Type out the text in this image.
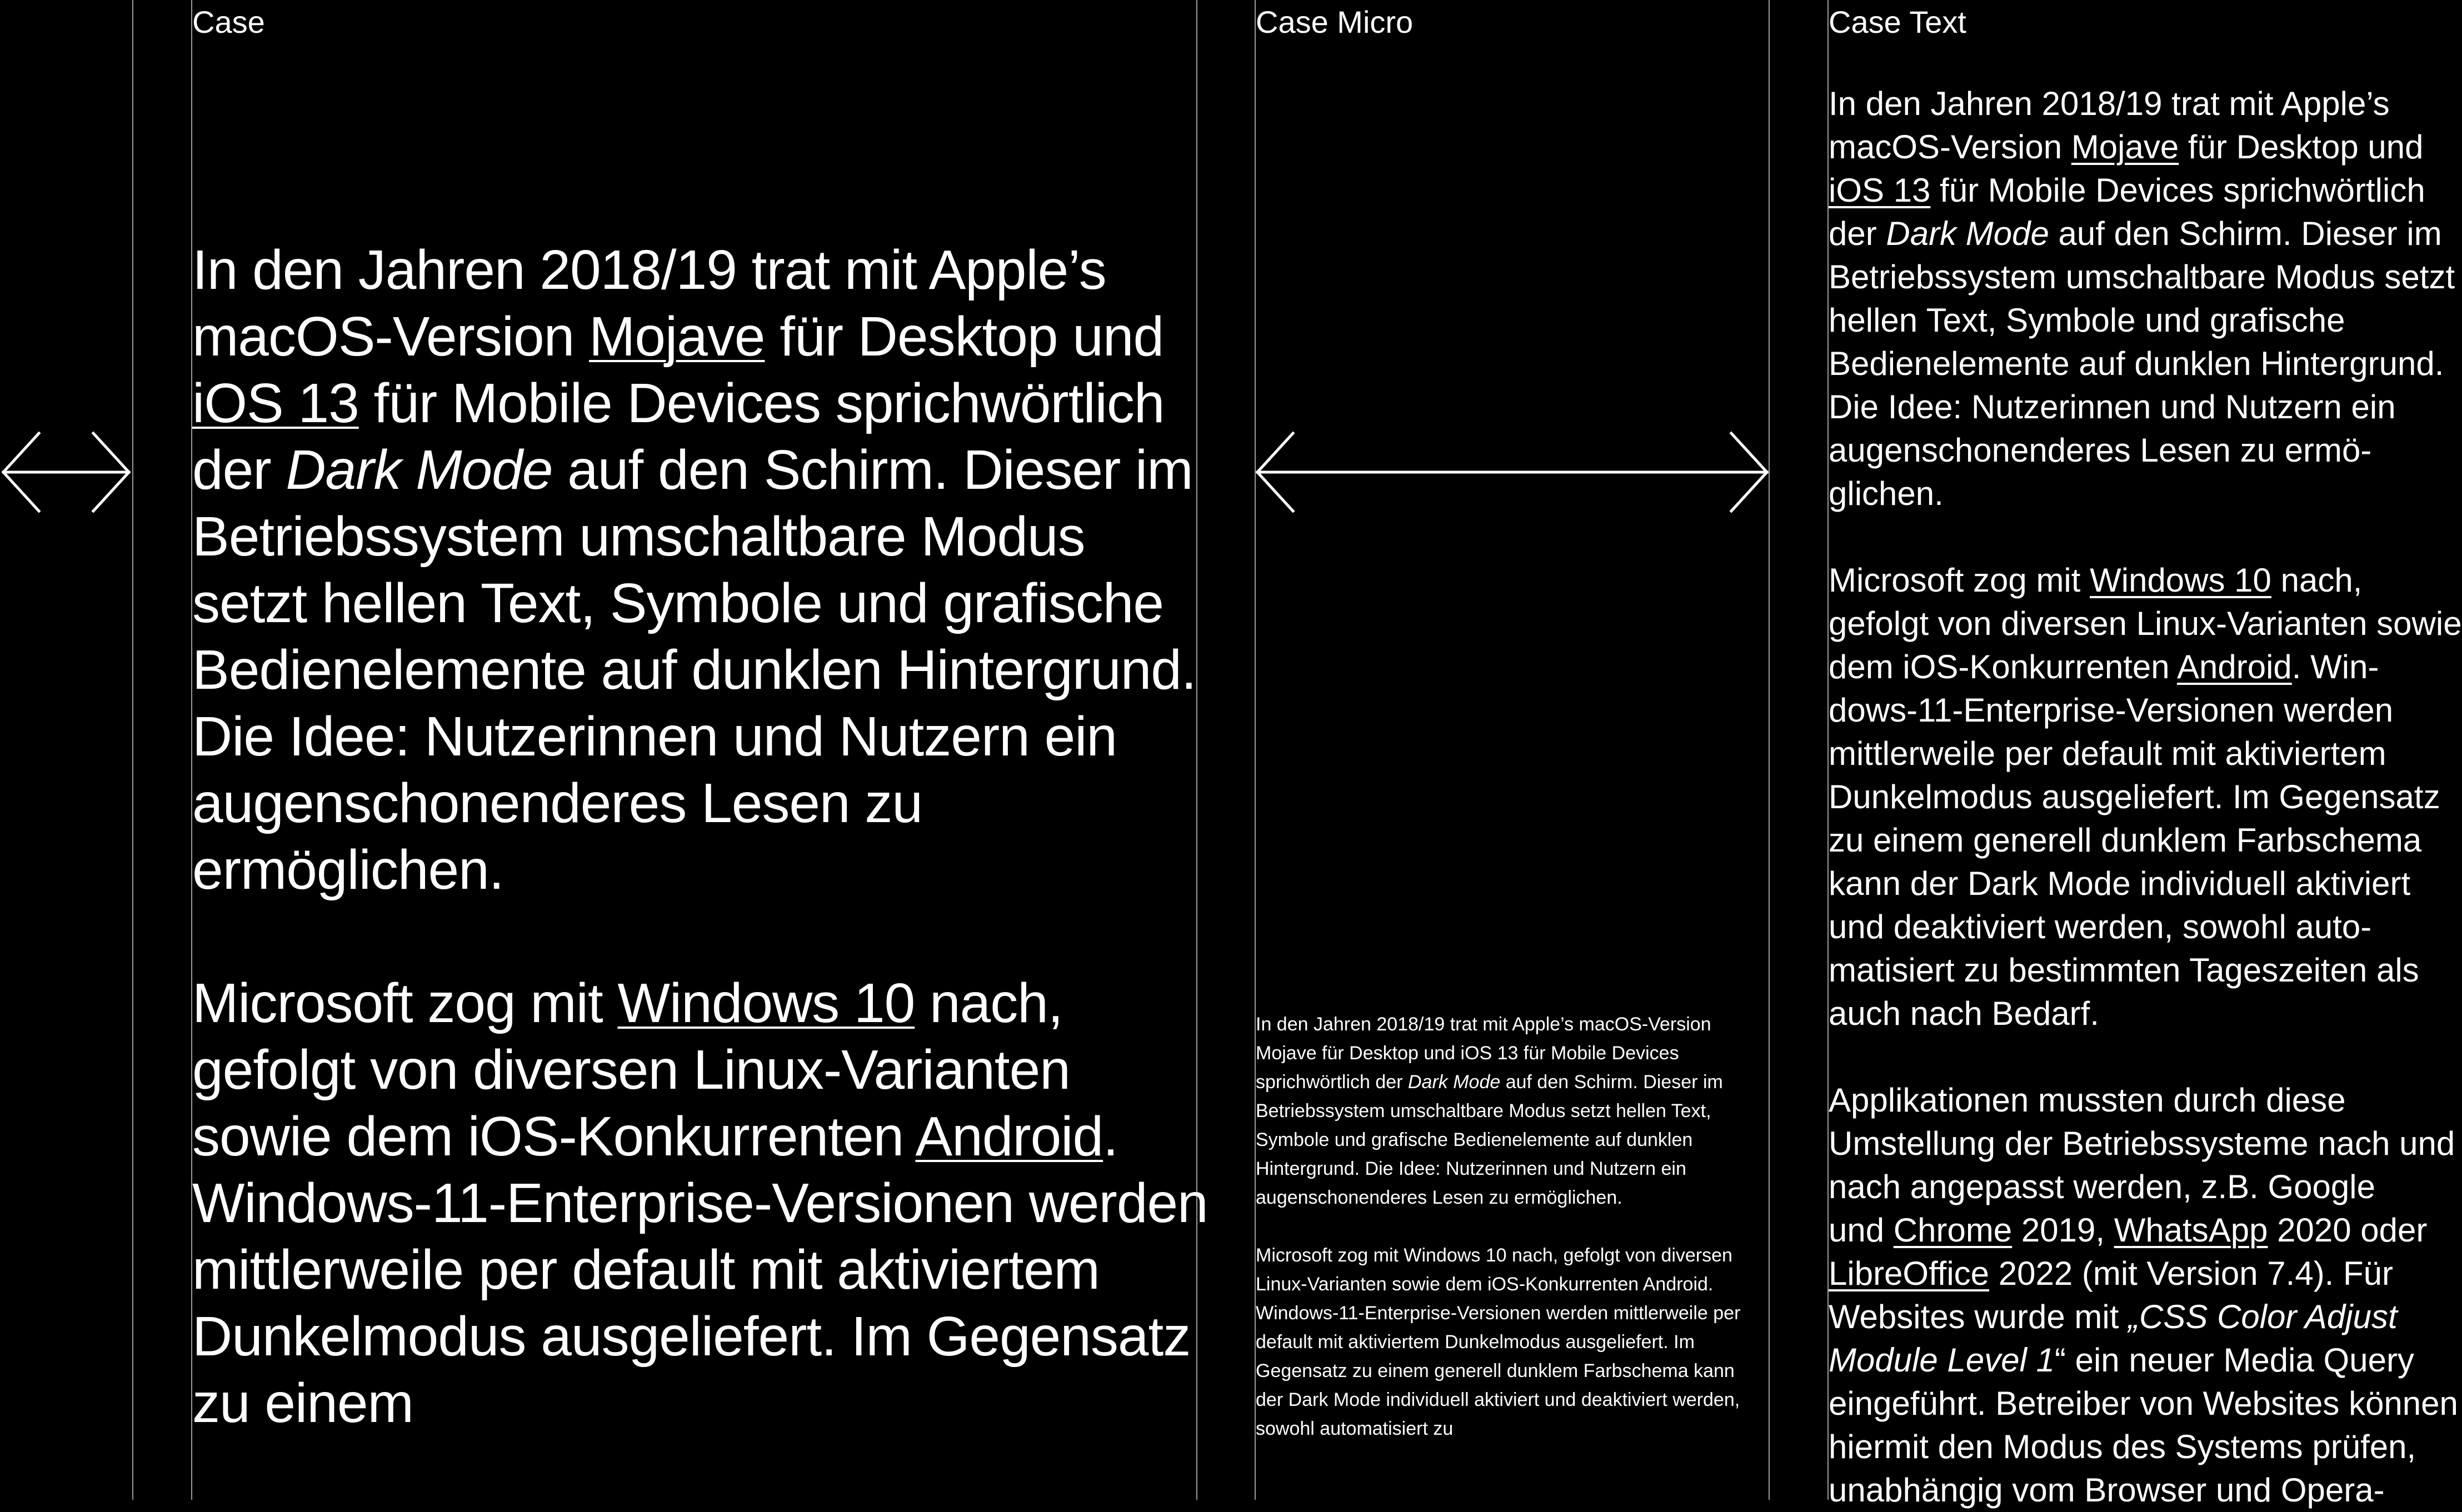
Case

In den Jahren 2018/19 trat mit Apple’s macOS-Version Mojave für Desktop und iOS 13 für Mobile Devices sprichwörtlich der Dark Mode auf den Schirm. Dieser im Betriebssystem umschaltbare Modus setzt hellen Text, Symbole und grafische Bedienelemente auf dunklen Hintergrund. Die Idee: Nutzerinnen und Nutzern ein augenschonenderes Lesen zu ermöglichen.

Microsoft zog mit Windows 10 nach, gefolgt von diversen Linux-Varianten sowie dem iOS-Konkurrenten Android. Windows-11-Enterprise-Versionen werden mittlerweile per default mit aktiviertem Dunkelmodus ausgeliefert. Im Gegensatz zu einem

Case Micro

In den Jahren 2018/19 trat mit Apple’s macOS-Version Mojave für Desktop und iOS 13 für Mobile Devices sprichwörtlich der Dark Mode auf den Schirm. Dieser im Betriebssystem umschaltbare Modus setzt hellen Text, Symbole und grafische Bedienelemente auf dunklen Hintergrund. Die Idee: Nutzerinnen und Nutzern ein augenschonenderes Lesen zu ermöglichen.

Microsoft zog mit Windows 10 nach, gefolgt von diversen Linux-Varianten sowie dem iOS-Konkurrenten Android. Windows-11-Enterprise-Versionen werden mittlerweile per default mit aktiviertem Dunkelmodus ausgeliefert. Im Gegensatz zu einem generell dunklem Farbschema kann der Dark Mode individuell aktiviert und deaktiviert werden, sowohl automatisiert zu

Case Text

In den Jahren 2018/19 trat mit Apple’s
macOS-Version Mojave für Desktop und
iOS 13 für Mobile Devices sprichwörtlich
der Dark Mode auf den Schirm. Dieser im
Betriebssystem umschaltbare Modus setzt
hellen Text, Symbole und grafische
Bedienelemente auf dunklen Hintergrund.
Die Idee: Nutzerinnen und Nutzern ein
augenschonenderes Lesen zu ermö-
glichen.

Microsoft zog mit Windows 10 nach,
gefolgt von diversen Linux-Varianten sowie
dem iOS-Konkurrenten Android. Win-
dows-11-Enterprise-Versionen werden
mittlerweile per default mit aktiviertem
Dunkelmodus ausgeliefert. Im Gegensatz
zu einem generell dunklem Farbschema
kann der Dark Mode individuell aktiviert
und deaktiviert werden, sowohl auto-
matisiert zu bestimmten Tageszeiten als
auch nach Bedarf.

Applikationen mussten durch diese
Umstellung der Betriebssysteme nach und
nach angepasst werden, z.B. Google
und Chrome 2019, WhatsApp 2020 oder
LibreOffice 2022 (mit Version 7.4). Für
Websites wurde mit „CSS Color Adjust
Module Level 1“ ein neuer Media Query
eingeführt. Betreiber von Websites können
hiermit den Modus des Systems prüfen,
unabhängig vom Browser und Opera-
